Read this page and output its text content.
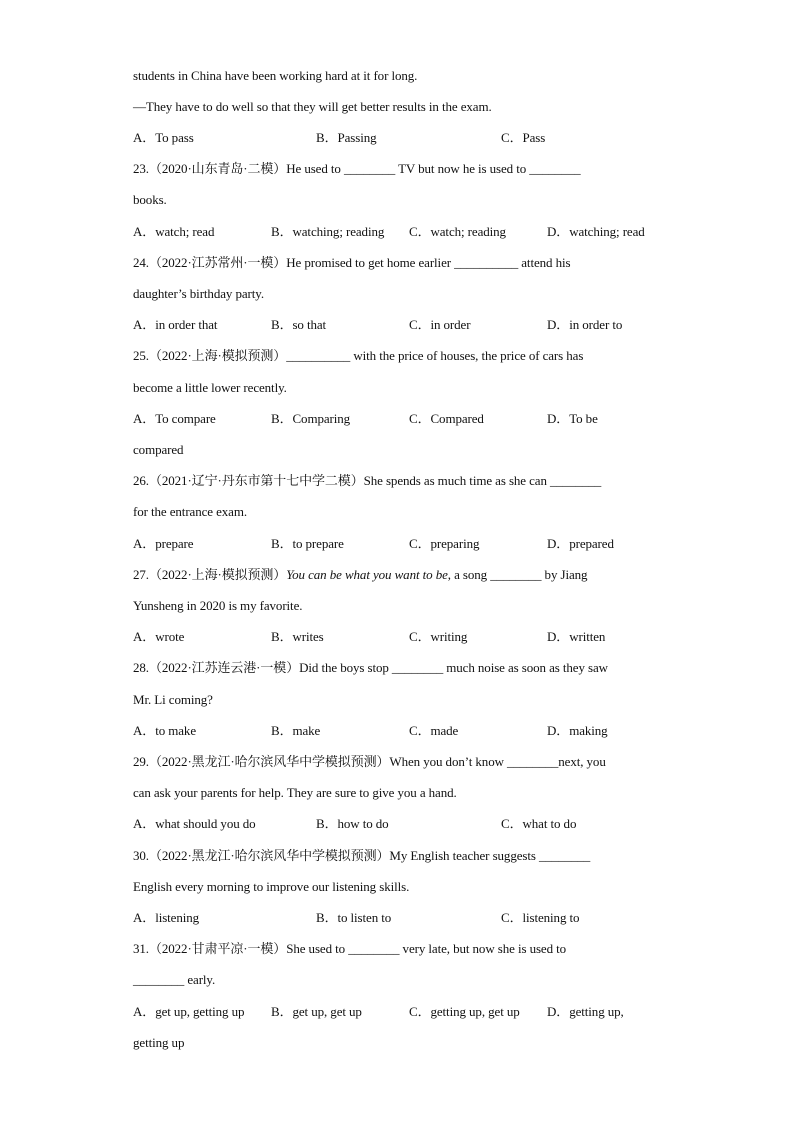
students in China have been working hard at it for long.
—They have to do well so that they will get better results in the exam.
A．To pass	B．Passing	C．Pass
23.（2020·山东青岛·二模）He used to ________ TV but now he is used to ________
books.
A．watch; read	B．watching; reading C．watch; reading	D．watching; read
24.（2022·江苏常州·一模）He promised to get home earlier __________ attend his
daughter’s birthday party.
A．in order that	B．so that	C．in order	D．in order to
25.（2022·上海·模拟预测）__________ with the price of houses, the price of cars has
become a little lower recently.
A．To compare	B．Comparing	C．Compared	D．To be
compared
26.（2021·辽宁·丹东市第十七中学二模）She spends as much time as she can ________
for the entrance exam.
A．prepare	B．to prepare	C．preparing	D．prepared
27.（2022·上海·模拟预测）You can be what you want to be, a song ________ by Jiang
Yunsheng in 2020 is my favorite.
A．wrote	B．writes	C．writing	D．written
28.（2022·江苏连云港·一模）Did the boys stop ________ much noise as soon as they saw
Mr. Li coming?
A．to make	B．make	C．made	D．making
29.（2022·黑龙江·哈尔滨风华中学模拟预测）When you don’t know ________next, you
can ask your parents for help. They are sure to give you a hand.
A．what should you do	B．how to do	C．what to do
30.（2022·黑龙江·哈尔滨风华中学模拟预测）My English teacher suggests ________
English every morning to improve our listening skills.
A．listening	B．to listen to	C．listening to
31.（2022·甘肃平凉·一模）She used to ________ very late, but now she is used to
________ early.
A．get up, getting up B．get up, get up	C．getting up, get up D．getting up,
getting up
